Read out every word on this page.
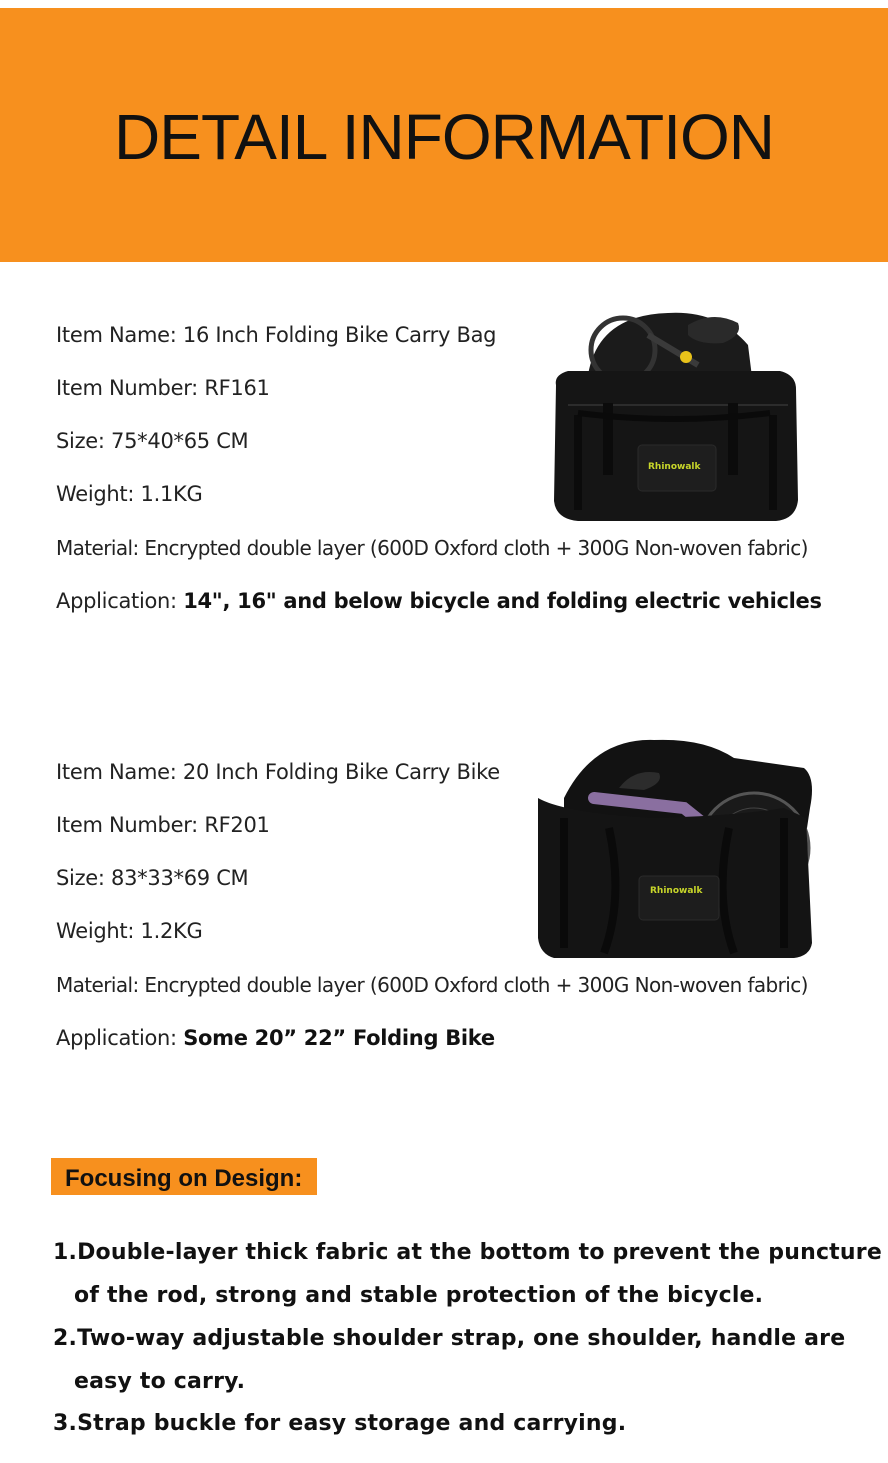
DETAIL INFORMATION
Item Name: 16 Inch Folding Bike Carry Bag
Item Number: RF161
Size: 75*40*65 CM
Weight: 1.1KG
Material: Encrypted double layer (600D Oxford cloth + 300G Non-woven fabric)
Application: 14", 16" and below bicycle and folding electric vehicles
Rhinowalk
Item Name: 20 Inch Folding Bike Carry Bike
Item Number: RF201
Size: 83*33*69 CM
Weight: 1.2KG
Material: Encrypted double layer (600D Oxford cloth + 300G Non-woven fabric)
Application: Some 20” 22” Folding Bike
Rhinowalk
Focusing on Design:
1.Double-layer thick fabric at the bottom to prevent the puncture
of the rod, strong and stable protection of the bicycle.
2.Two-way adjustable shoulder strap, one shoulder, handle are
easy to carry.
3.Strap buckle for easy storage and carrying.
